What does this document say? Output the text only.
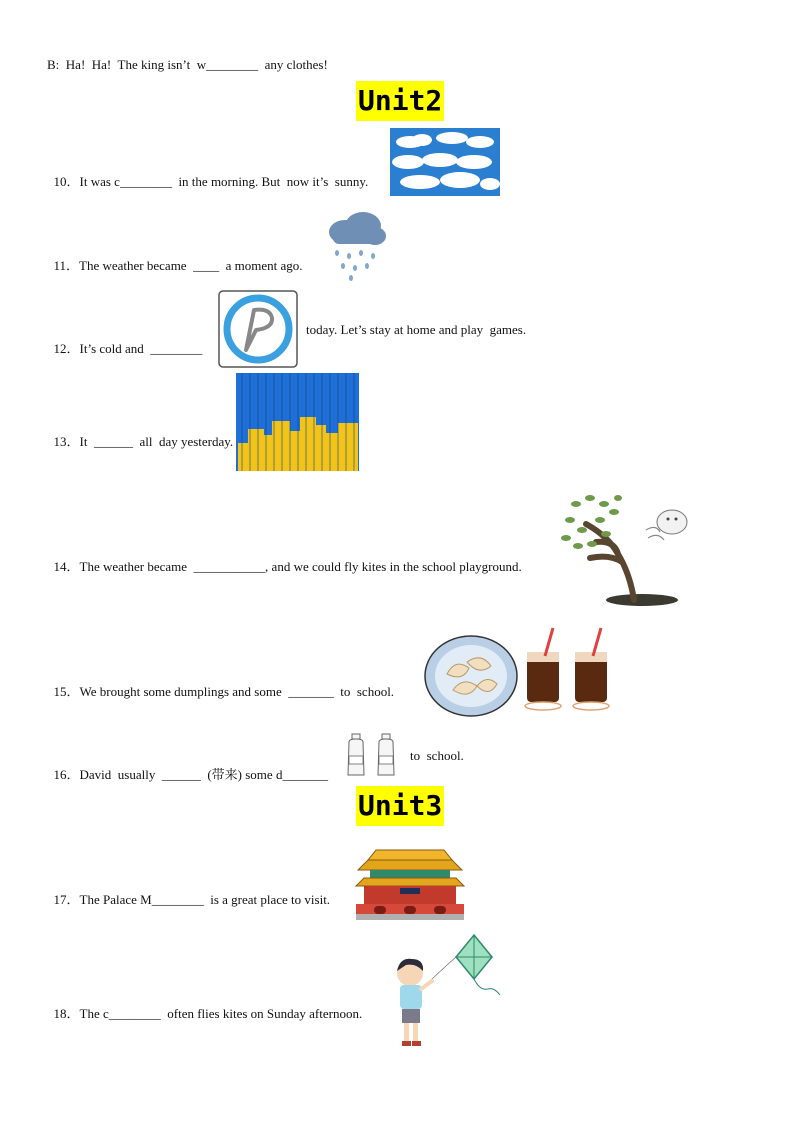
B:  Ha!  Ha!  The king isn’t  w________  any clothes!
Unit2

10．It was c________  in the morning. But  now it’s  sunny.

11．The weather became  ____  a moment ago.

12．It’s cold and  ________

today. Let’s stay at home and play  games.

13．It  ______  all  day yesterday.

14．The weather became  ___________, and we could fly kites in the school playground.

15．We brought some dumplings and some  _______  to  school.

16．David  usually  ______  (带来) some d_______

to  school.
Unit3

17．The Palace M________  is a great place to visit.

18．The c________  often flies kites on Sunday afternoon.
